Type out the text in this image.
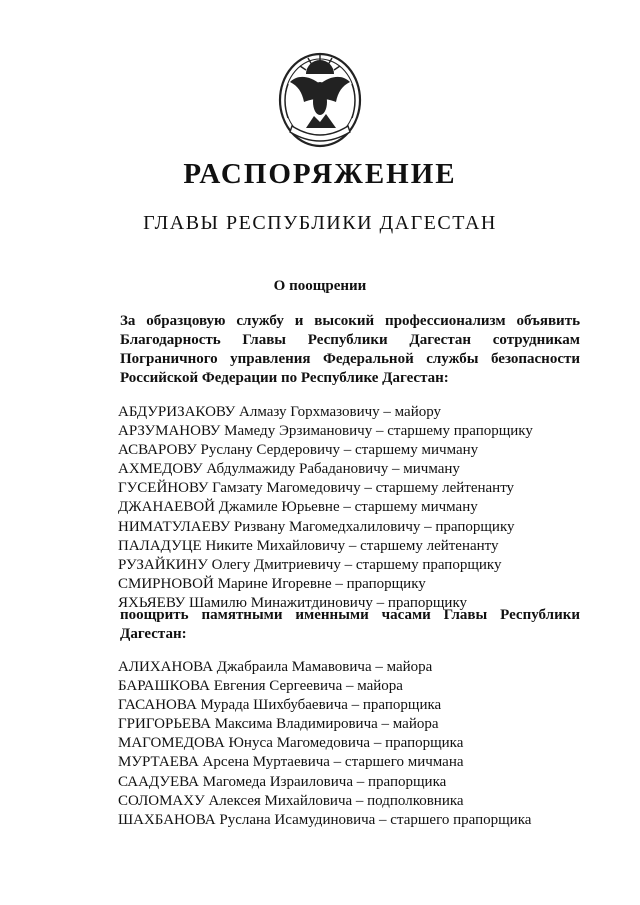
РАСПОРЯЖЕНИЕ
ГЛАВЫ РЕСПУБЛИКИ ДАГЕСТАН
О поощрении
За образцовую службу и высокий профессионализм объявить Благодарность Главы Республики Дагестан сотрудникам Пограничного управления Федеральной службы безопасности Российской Федерации по Республике Дагестан:
АБДУРИЗАКОВУ Алмазу Горхмазовичу – майору
АРЗУМАНОВУ Мамеду Эрзимановичу – старшему прапорщику
АСВАРОВУ Руслану Сердеровичу – старшему мичману
АХМЕДОВУ Абдулмажиду Рабадановичу – мичману
ГУСЕЙНОВУ Гамзату Магомедовичу – старшему лейтенанту
ДЖАНАЕВОЙ Джамиле Юрьевне – старшему мичману
НИМАТУЛАЕВУ Ризвану Магомедхалиловичу – прапорщику
ПАЛАДУЦЕ Никите Михайловичу – старшему лейтенанту
РУЗАЙКИНУ Олегу Дмитриевичу – старшему прапорщику
СМИРНОВОЙ Марине Игоревне – прапорщику
ЯХЬЯЕВУ Шамилю Минажитдиновичу – прапорщику
поощрить памятными именными часами Главы Республики Дагестан:
АЛИХАНОВА Джабраила Мамавовича – майора
БАРАШКОВА Евгения Сергеевича – майора
ГАСАНОВА Мурада Шихбубаевича – прапорщика
ГРИГОРЬЕВА Максима Владимировича – майора
МАГОМЕДОВА Юнуса Магомедовича – прапорщика
МУРТАЕВА Арсена Муртаевича – старшего мичмана
СААДУЕВА Магомеда Израиловича – прапорщика
СОЛОМАХУ Алексея Михайловича – подполковника
ШАХБАНОВА Руслана Исамудиновича – старшего прапорщика
